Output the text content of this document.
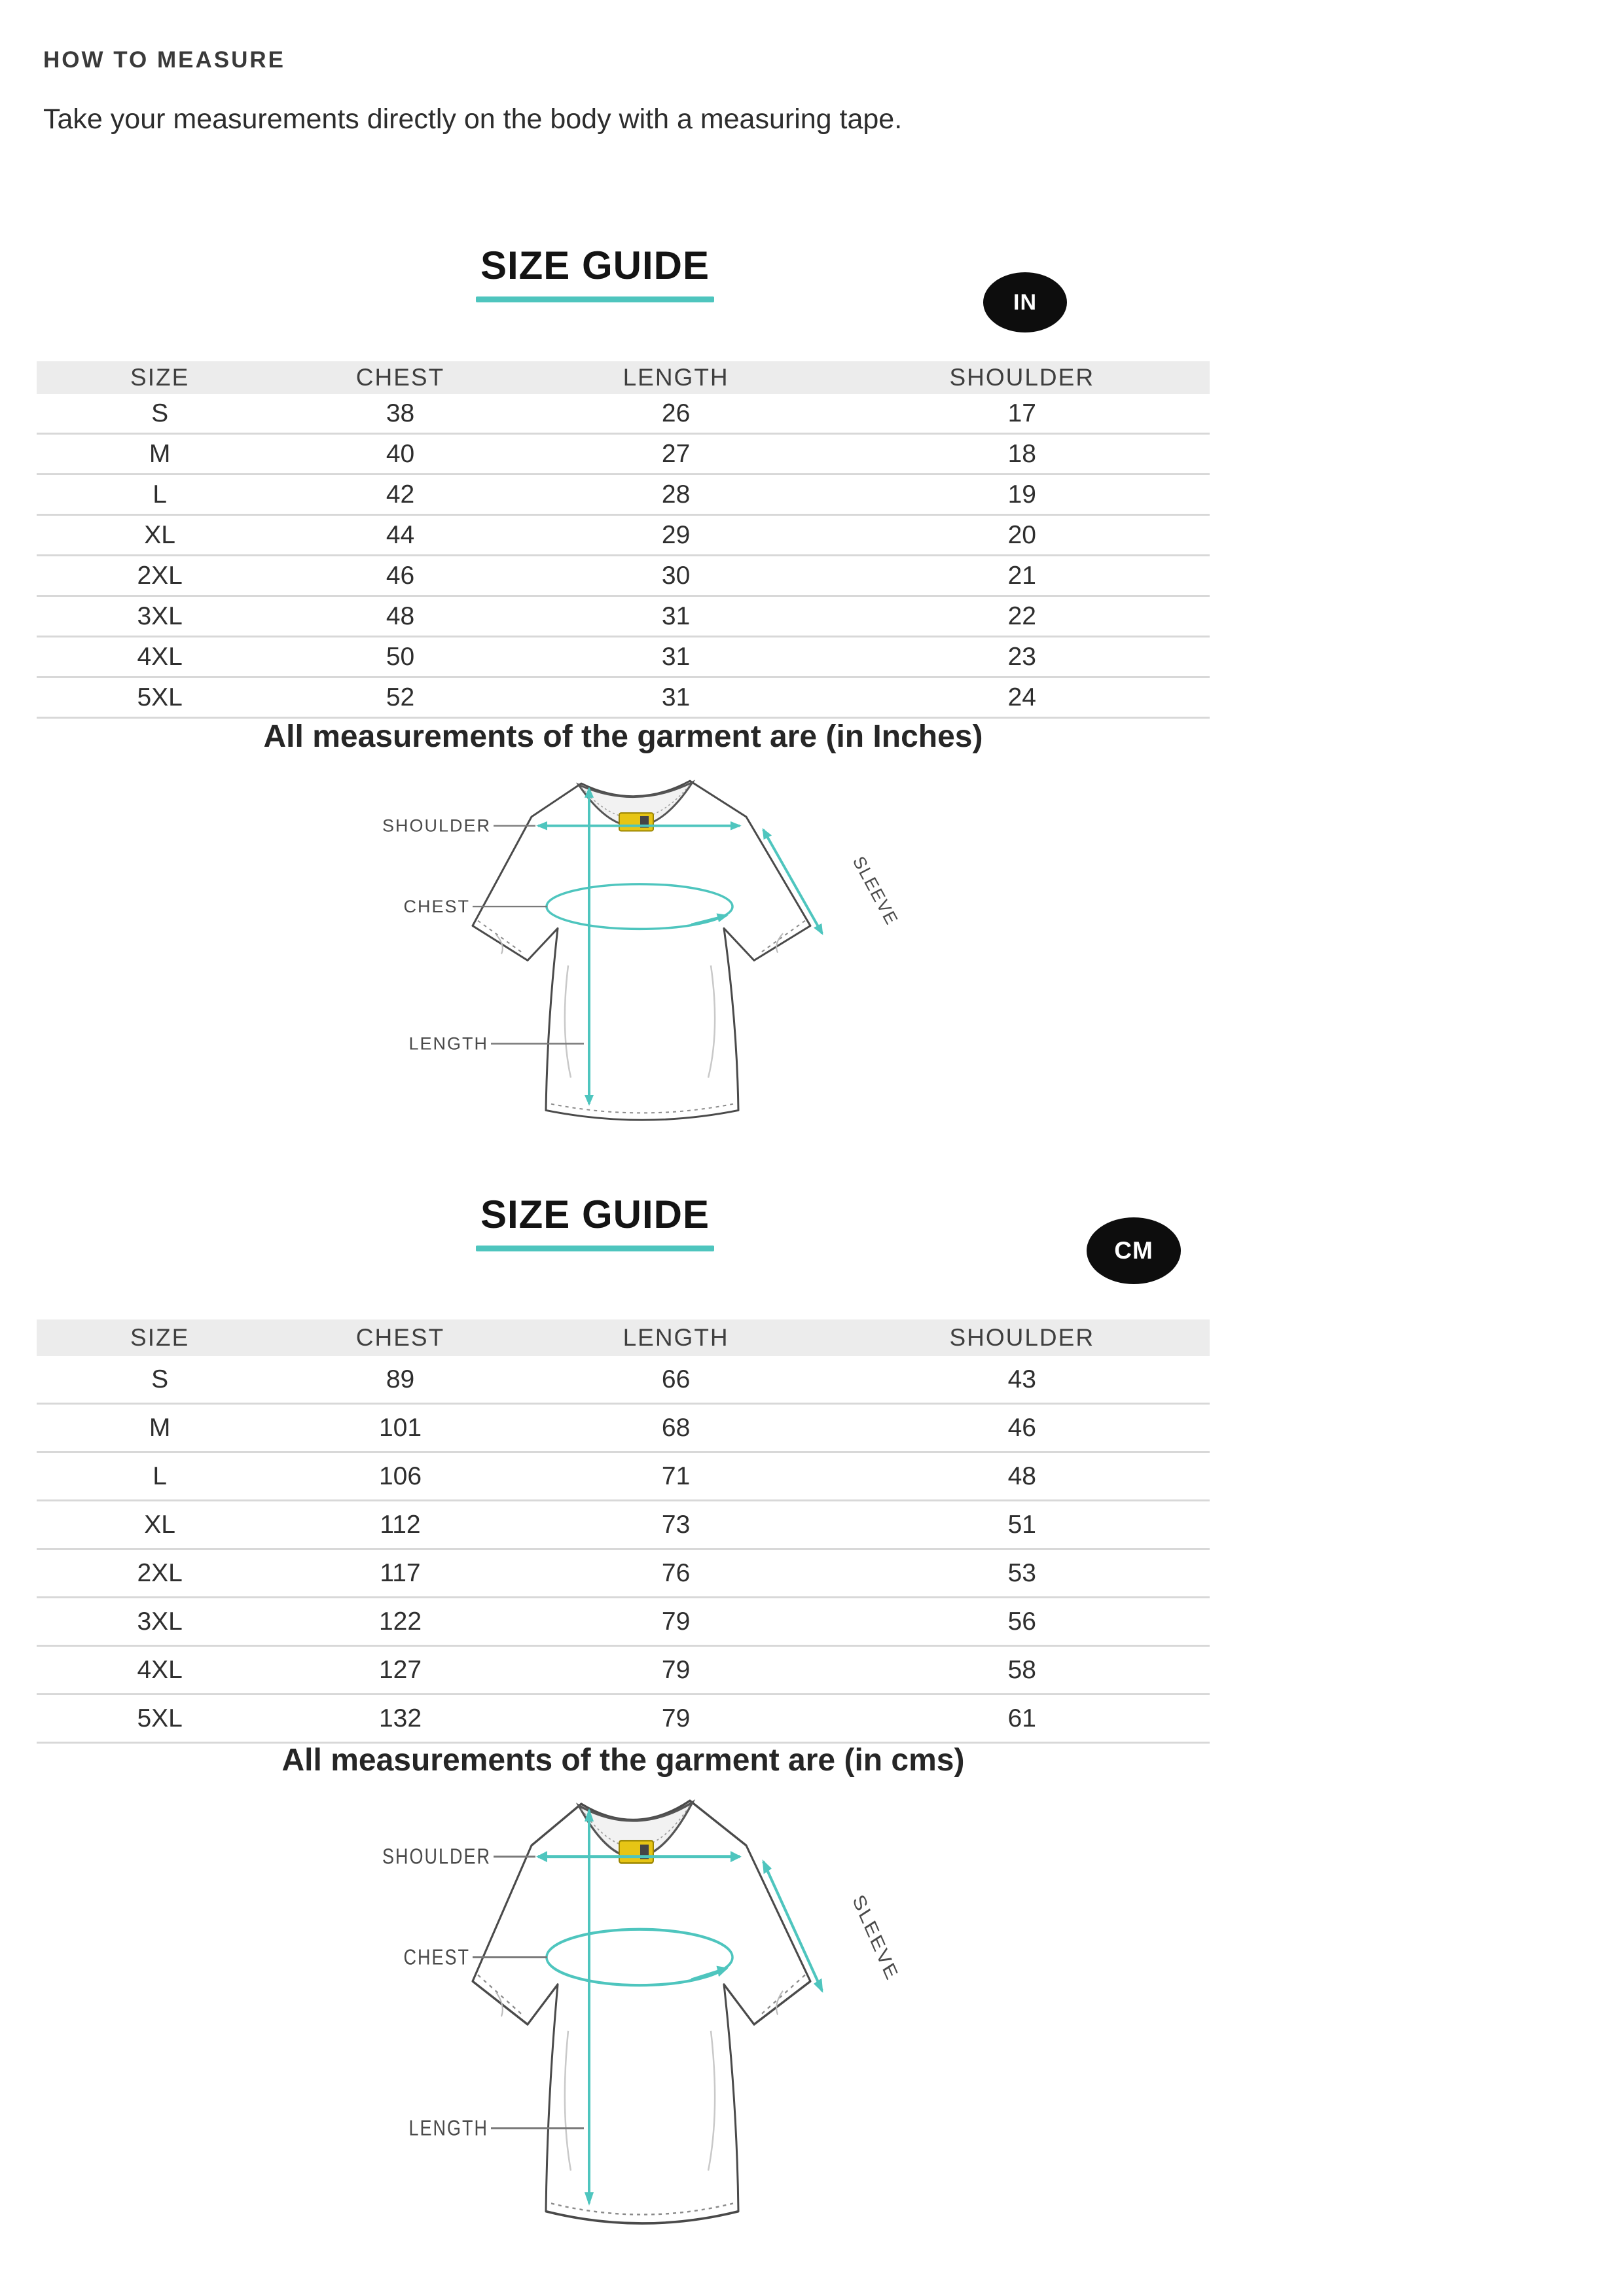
HOW TO MEASURE
Take your measurements directly on the body with a measuring tape.
SIZE GUIDE
IN
SIZE	CHEST	LENGTH	SHOULDER
S	38	26	17
M	40	27	18
L	42	28	19
XL	44	29	20
2XL	46	30	21
3XL	48	31	22
4XL	50	31	23
5XL	52	31	24
All measurements of the garment are (in Inches)
SHOULDER
CHEST
LENGTH
SLEEVE
SIZE GUIDE
CM
SIZE	CHEST	LENGTH	SHOULDER
S	89	66	43
M	101	68	46
L	106	71	48
XL	112	73	51
2XL	117	76	53
3XL	122	79	56
4XL	127	79	58
5XL	132	79	61
All measurements of the garment are (in cms)
SHOULDER
CHEST
LENGTH
SLEEVE
